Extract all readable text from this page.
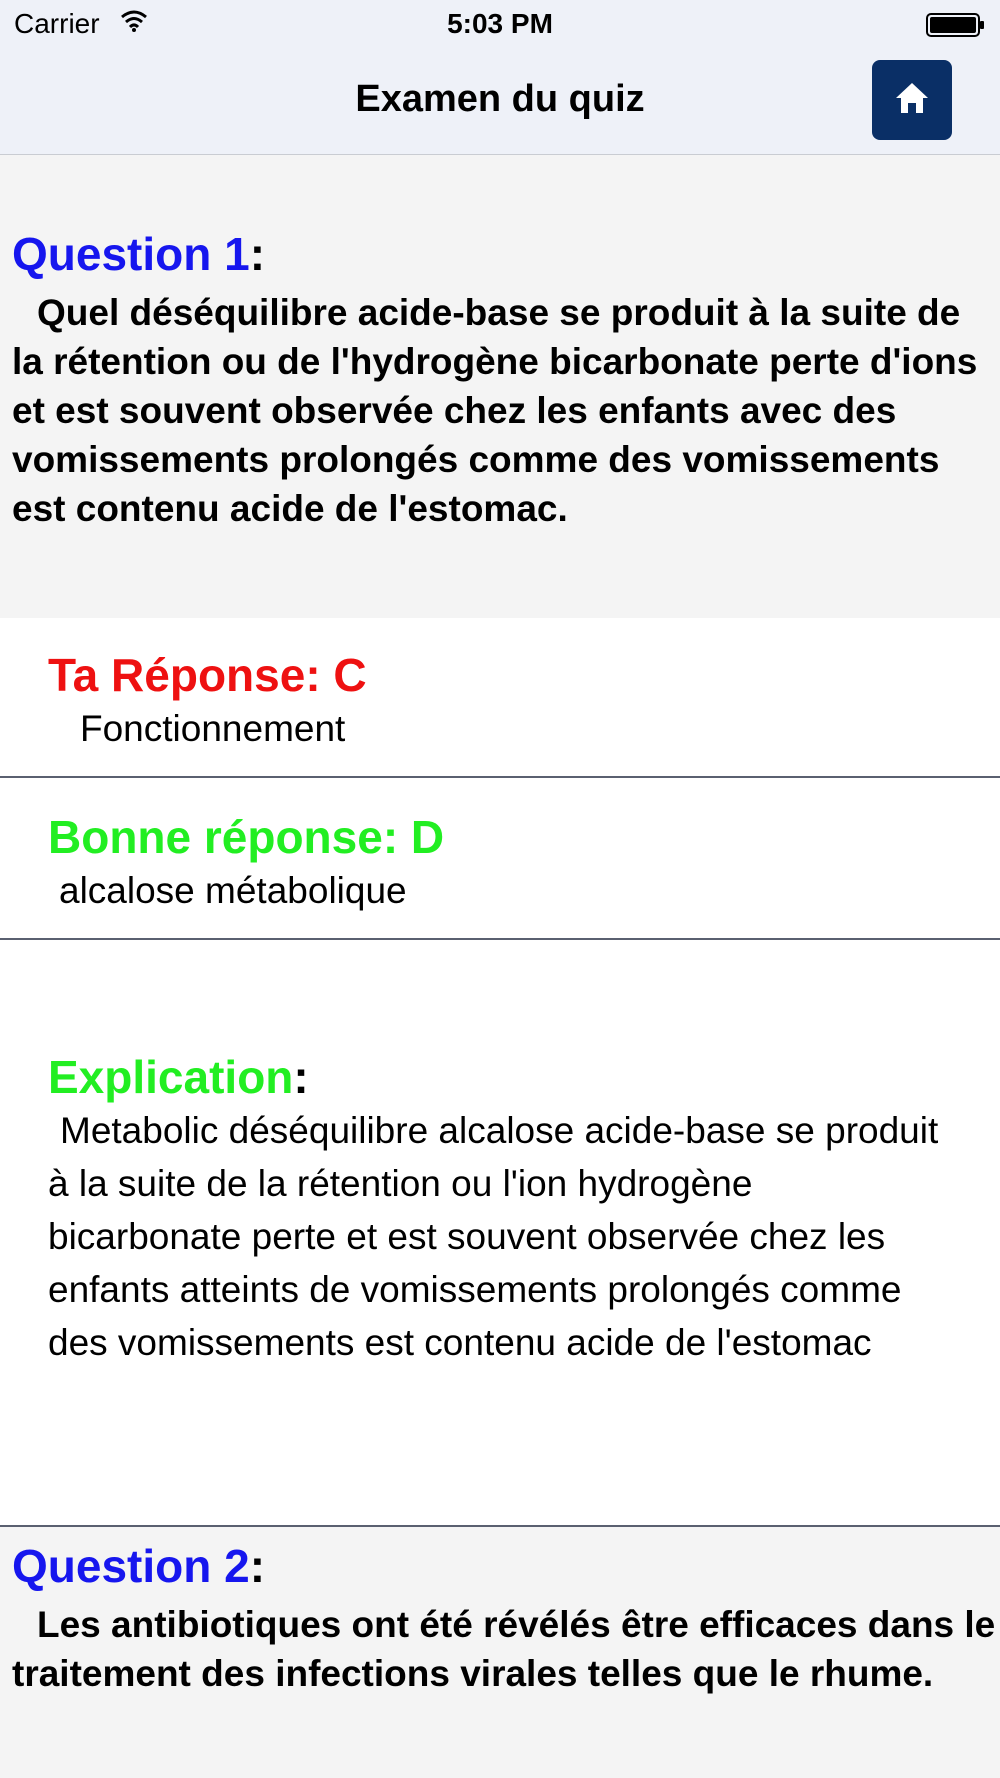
Carrier	5:03 PM
Examen du quiz
Question 1:
Quel déséquilibre acide-base se produit à la suite de la rétention ou de l'hydrogène bicarbonate perte d'ions et est souvent observée chez les enfants avec des vomissements prolongés comme des vomissements est contenu acide de l'estomac.
Ta Réponse: C
Fonctionnement
Bonne réponse: D
alcalose métabolique
Explication:
Metabolic déséquilibre alcalose acide-base se produit à la suite de la rétention ou l'ion hydrogène bicarbonate perte et est souvent observée chez les enfants atteints de vomissements prolongés comme des vomissements est contenu acide de l'estomac
Question 2:
Les antibiotiques ont été révélés être efficaces dans le traitement des infections virales telles que le rhume.
